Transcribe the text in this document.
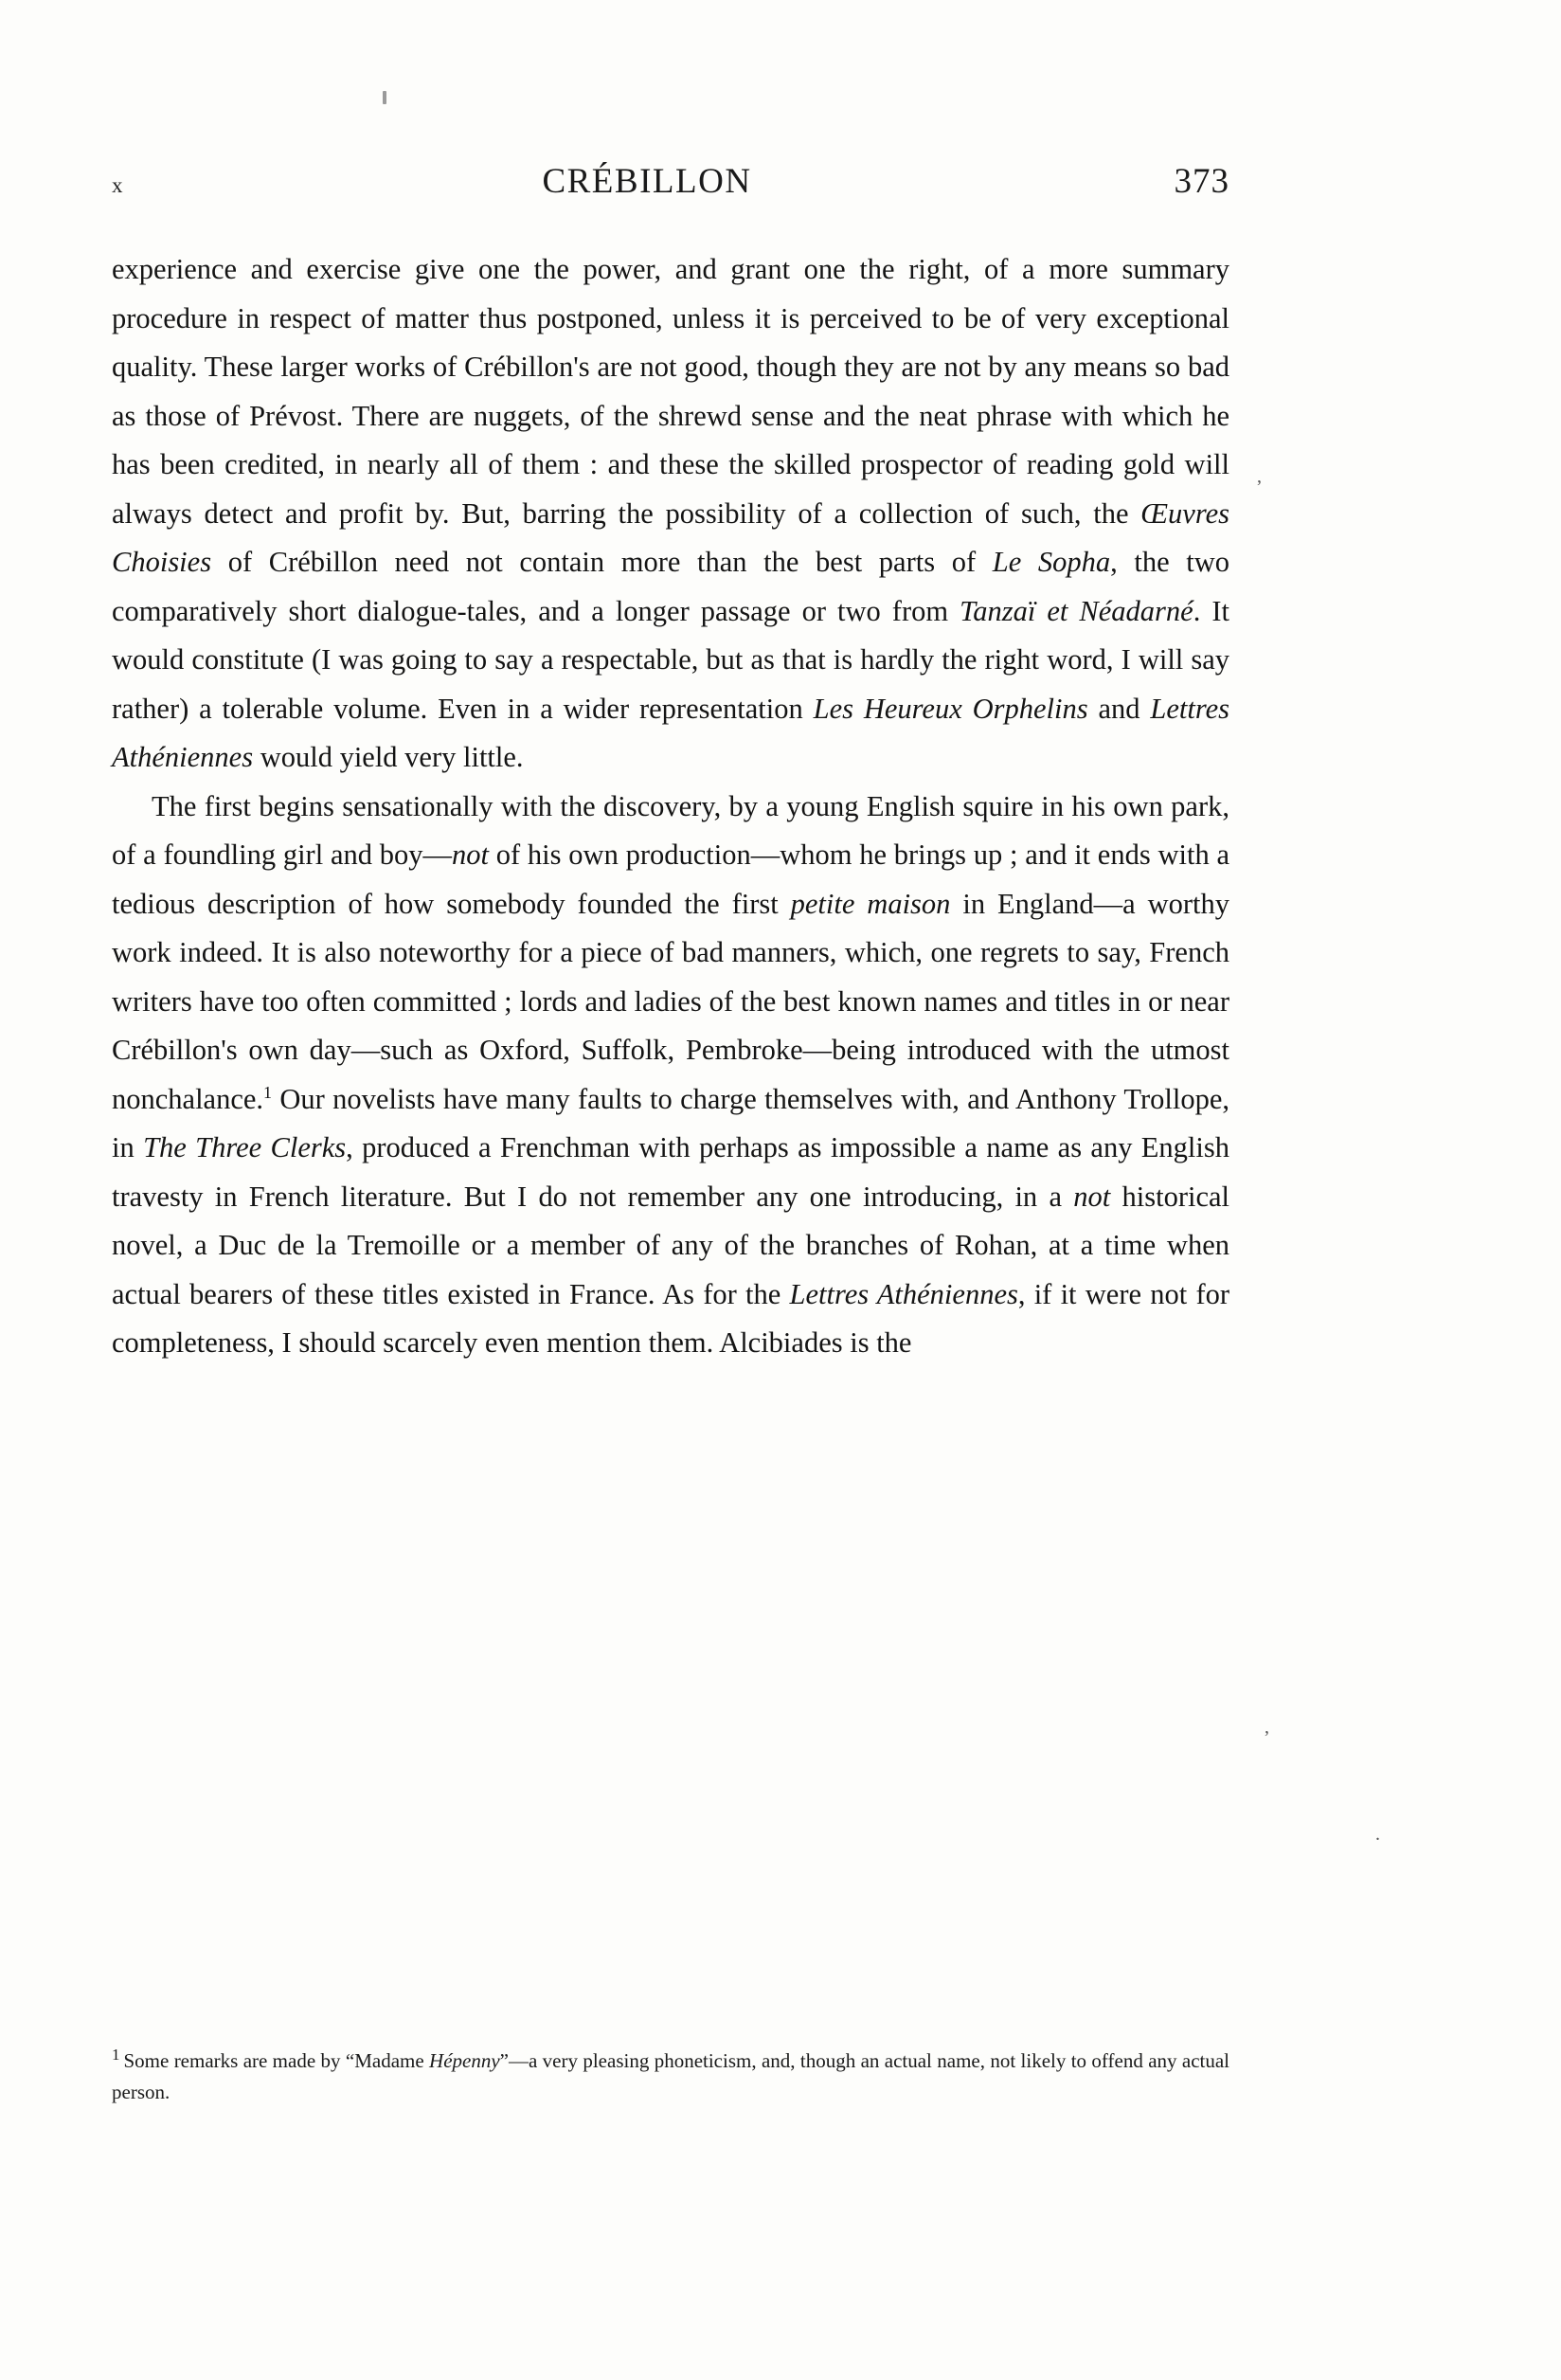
x	CRÉBILLON	373

experience and exercise give one the power, and grant one the right, of a more summary procedure in respect of matter thus postponed, unless it is perceived to be of very exceptional quality. These larger works of Crébillon's are not good, though they are not by any means so bad as those of Prévost. There are nuggets, of the shrewd sense and the neat phrase with which he has been credited, in nearly all of them : and these the skilled prospector of reading gold will always detect and profit by. But, barring the possibility of a collection of such, the Œuvres Choisies of Crébillon need not contain more than the best parts of Le Sopha, the two comparatively short dialogue-tales, and a longer passage or two from Tanzaï et Néadarné. It would constitute (I was going to say a respectable, but as that is hardly the right word, I will say rather) a tolerable volume. Even in a wider representation Les Heureux Orphelins and Lettres Athéniennes would yield very little.

The first begins sensationally with the discovery, by a young English squire in his own park, of a foundling girl and boy—not of his own production—whom he brings up ; and it ends with a tedious description of how somebody founded the first petite maison in England—a worthy work indeed. It is also noteworthy for a piece of bad manners, which, one regrets to say, French writers have too often committed ; lords and ladies of the best known names and titles in or near Crébillon's own day—such as Oxford, Suffolk, Pembroke—being introduced with the utmost nonchalance.$^1$ Our novelists have many faults to charge themselves with, and Anthony Trollope, in The Three Clerks, produced a Frenchman with perhaps as impossible a name as any English travesty in French literature. But I do not remember any one introducing, in a not historical novel, a Duc de la Tremoille or a member of any of the branches of Rohan, at a time when actual bearers of these titles existed in France. As for the Lettres Athéniennes, if it were not for completeness, I should scarcely even mention them. Alcibiades is the

$^1$ Some remarks are made by “Madame Hépenny”—a very pleasing phoneticism, and, though an actual name, not likely to offend any actual person.
,
,
.
